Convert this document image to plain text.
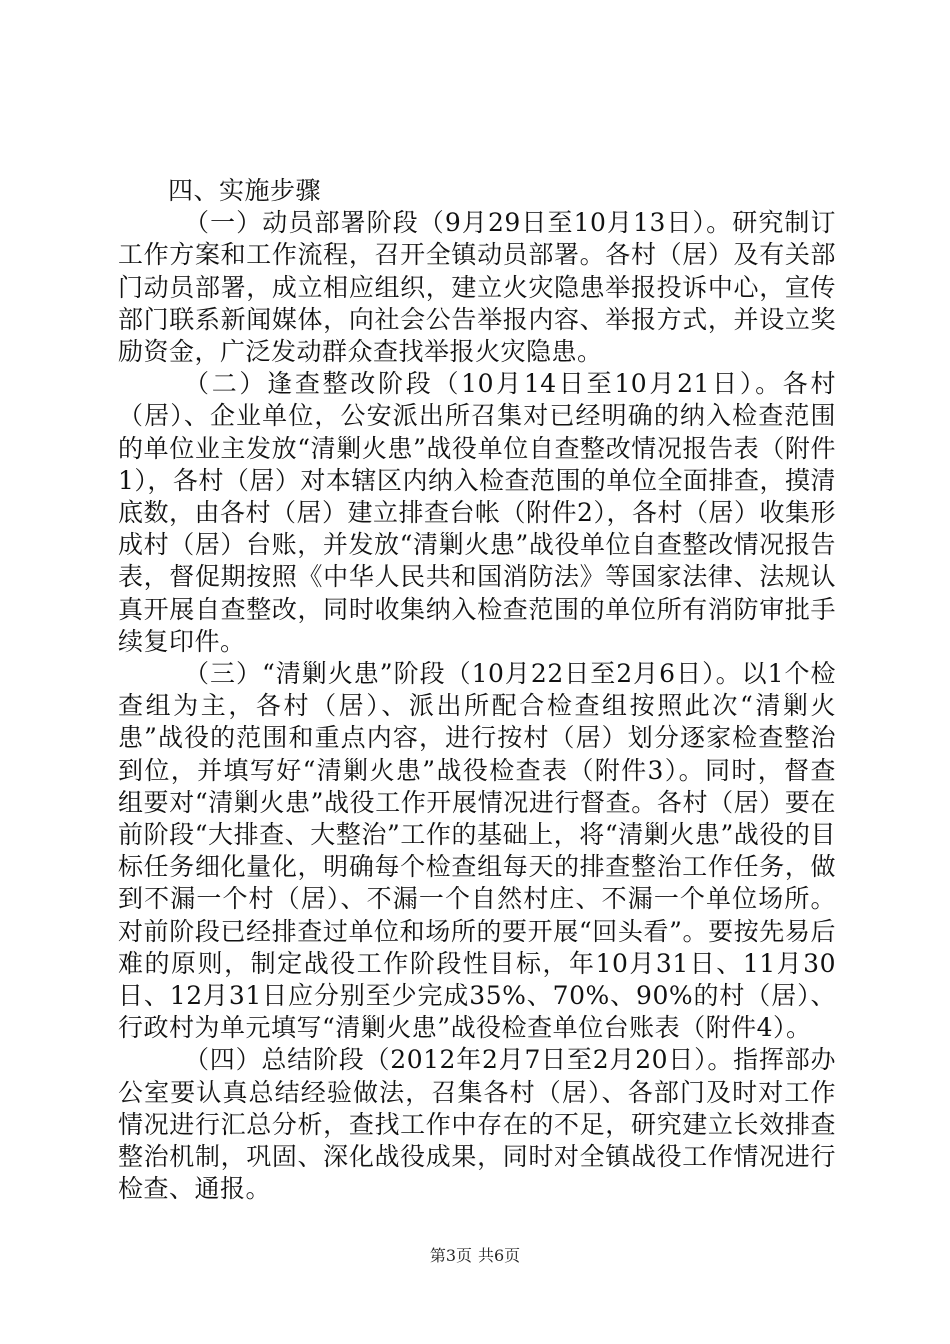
四、实施步骤

（一）动员部署阶段（9月29日至10月13日）。研究制订工作方案和工作流程，召开全镇动员部署。各村（居）及有关部门动员部署，成立相应组织，建立火灾隐患举报投诉中心，宣传部门联系新闻媒体，向社会公告举报内容、举报方式，并设立奖励资金，广泛发动群众查找举报火灾隐患。

（二）逢查整改阶段（10月14日至10月21日）。各村（居）、企业单位，公安派出所召集对已经明确的纳入检查范围的单位业主发放“清剿火患”战役单位自查整改情况报告表（附件1），各村（居）对本辖区内纳入检查范围的单位全面排查，摸清底数，由各村（居）建立排查台帐（附件2），各村（居）收集形成村（居）台账，并发放“清剿火患”战役单位自查整改情况报告表，督促期按照《中华人民共和国消防法》等国家法律、法规认真开展自查整改，同时收集纳入检查范围的单位所有消防审批手续复印件。

（三）“清剿火患”阶段（10月22日至2月6日）。以1个检查组为主，各村（居）、派出所配合检查组按照此次“清剿火患”战役的范围和重点内容，进行按村（居）划分逐家检查整治到位，并填写好“清剿火患”战役检查表（附件3）。同时，督查组要对“清剿火患”战役工作开展情况进行督查。各村（居）要在前阶段“大排查、大整治”工作的基础上，将“清剿火患”战役的目标任务细化量化，明确每个检查组每天的排查整治工作任务，做到不漏一个村（居）、不漏一个自然村庄、不漏一个单位场所。对前阶段已经排查过单位和场所的要开展“回头看”。要按先易后难的原则，制定战役工作阶段性目标，年10月31日、11月30日、12月31日应分别至少完成35%、70%、90%的村（居）、行政村为单元填写“清剿火患”战役检查单位台账表（附件4）。

（四）总结阶段（2012年2月7日至2月20日）。指挥部办公室要认真总结经验做法，召集各村（居）、各部门及时对工作情况进行汇总分析，查找工作中存在的不足，研究建立长效排查整治机制，巩固、深化战役成果，同时对全镇战役工作情况进行检查、通报。

第3页 共6页
